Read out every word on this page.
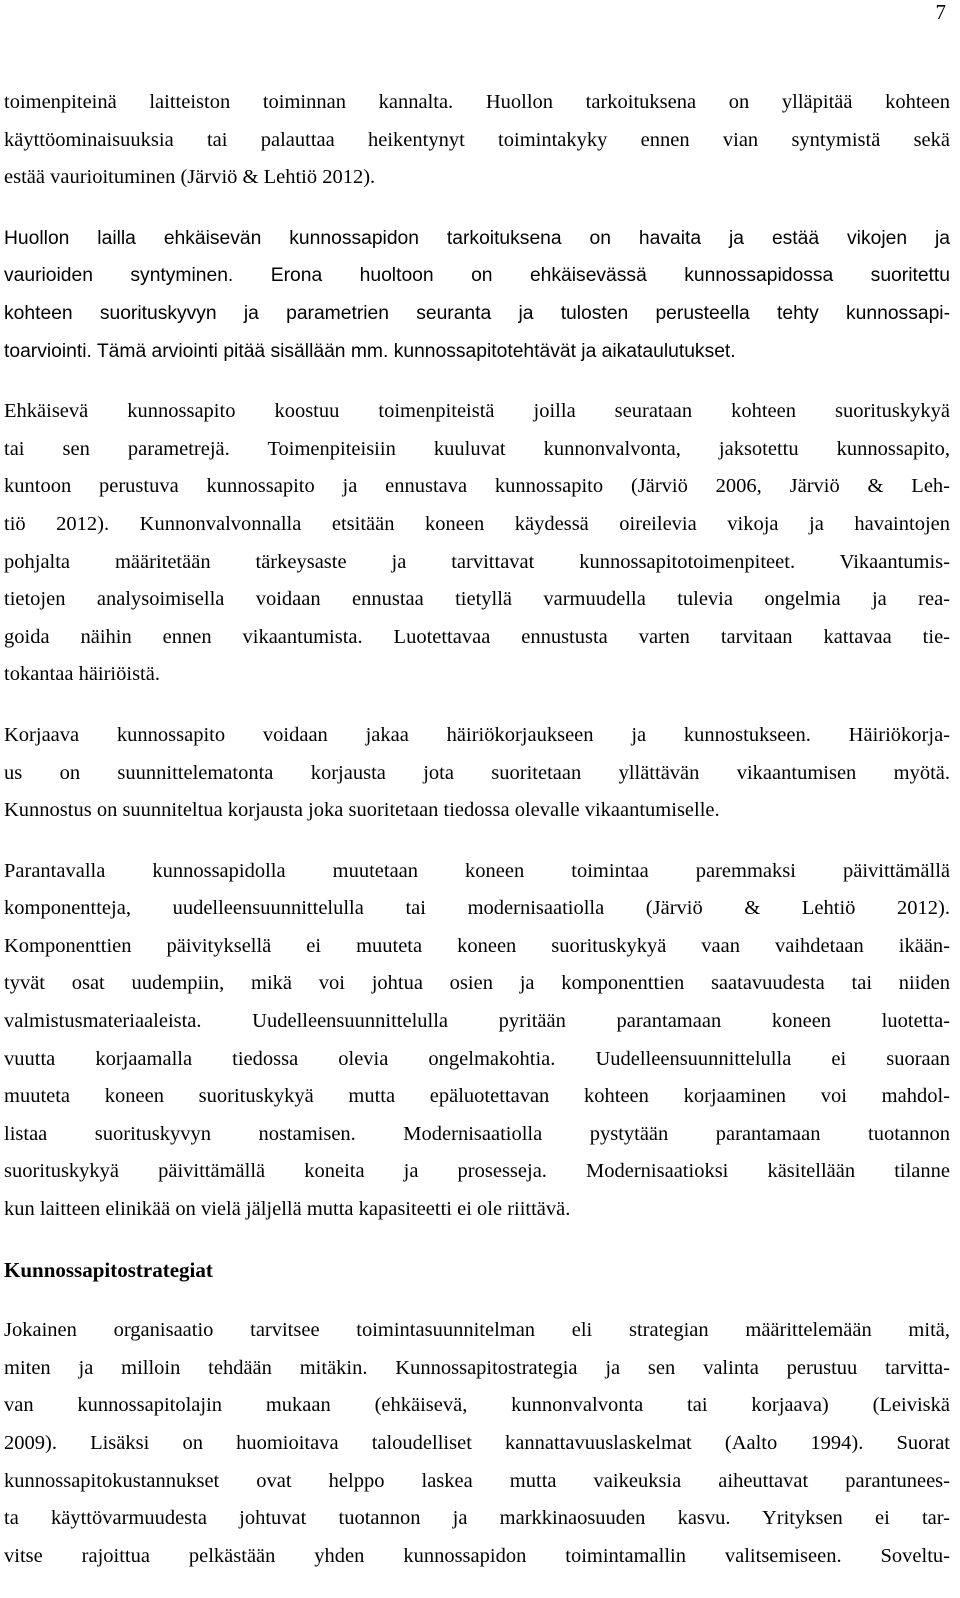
7
toimenpiteinä laitteiston toiminnan kannalta. Huollon tarkoituksena on ylläpitää kohteen
käyttöominaisuuksia tai palauttaa heikentynyt toimintakyky ennen vian syntymistä sekä
estää vaurioituminen (Järviö & Lehtiö 2012).
Huollon lailla ehkäisevän kunnossapidon tarkoituksena on havaita ja estää vikojen ja
vaurioiden syntyminen. Erona huoltoon on ehkäisevässä kunnossapidossa suoritettu
kohteen suorituskyvyn ja parametrien seuranta ja tulosten perusteella tehty kunnossapi-
toarviointi. Tämä arviointi pitää sisällään mm. kunnossapitotehtävät ja aikataulutukset.
Ehkäisevä kunnossapito koostuu toimenpiteistä joilla seurataan kohteen suorituskykyä
tai sen parametrejä. Toimenpiteisiin kuuluvat kunnonvalvonta, jaksotettu kunnossapito,
kuntoon perustuva kunnossapito ja ennustava kunnossapito (Järviö 2006, Järviö & Leh-
tiö 2012). Kunnonvalvonnalla etsitään koneen käydessä oireilevia vikoja ja havaintojen
pohjalta määritetään tärkeysaste ja tarvittavat kunnossapitotoimenpiteet. Vikaantumis-
tietojen analysoimisella voidaan ennustaa tietyllä varmuudella tulevia ongelmia ja rea-
goida näihin ennen vikaantumista. Luotettavaa ennustusta varten tarvitaan kattavaa tie-
tokantaa häiriöistä.
Korjaava kunnossapito voidaan jakaa häiriökorjaukseen ja kunnostukseen. Häiriökorja-
us on suunnittelematonta korjausta jota suoritetaan yllättävän vikaantumisen myötä.
Kunnostus on suunniteltua korjausta joka suoritetaan tiedossa olevalle vikaantumiselle.
Parantavalla kunnossapidolla muutetaan koneen toimintaa paremmaksi päivittämällä
komponentteja, uudelleensuunnittelulla tai modernisaatiolla (Järviö & Lehtiö 2012).
Komponenttien päivityksellä ei muuteta koneen suorituskykyä vaan vaihdetaan ikään-
tyvät osat uudempiin, mikä voi johtua osien ja komponenttien saatavuudesta tai niiden
valmistusmateriaaleista. Uudelleensuunnittelulla pyritään parantamaan koneen luotetta-
vuutta korjaamalla tiedossa olevia ongelmakohtia. Uudelleensuunnittelulla ei suoraan
muuteta koneen suorituskykyä mutta epäluotettavan kohteen korjaaminen voi mahdol-
listaa suorituskyvyn nostamisen. Modernisaatiolla pystytään parantamaan tuotannon
suorituskykyä päivittämällä koneita ja prosesseja. Modernisaatioksi käsitellään tilanne
kun laitteen elinikää on vielä jäljellä mutta kapasiteetti ei ole riittävä.
Kunnossapitostrategiat
Jokainen organisaatio tarvitsee toimintasuunnitelman eli strategian määrittelemään mitä,
miten ja milloin tehdään mitäkin. Kunnossapitostrategia ja sen valinta perustuu tarvitta-
van kunnossapitolajin mukaan (ehkäisevä, kunnonvalvonta tai korjaava) (Leiviskä
2009). Lisäksi on huomioitava taloudelliset kannattavuuslaskelmat (Aalto 1994). Suorat
kunnossapitokustannukset ovat helppo laskea mutta vaikeuksia aiheuttavat parantunees-
ta käyttövarmuudesta johtuvat tuotannon ja markkinaosuuden kasvu. Yrityksen ei tar-
vitse rajoittua pelkästään yhden kunnossapidon toimintamallin valitsemiseen. Soveltu-
